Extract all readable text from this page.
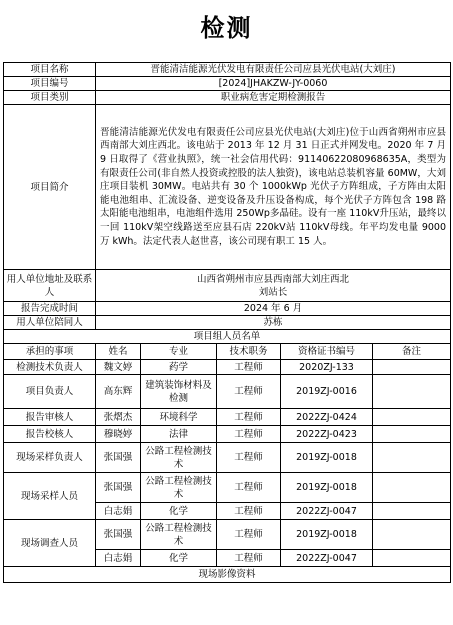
检测
项目名称	晋能清洁能源光伏发电有限责任公司应县光伏电站(大刘庄)				
项目编号	[2024]JHAKZW-JY-0060				
项目类别	职业病危害定期检测报告				
项目简介	晋能清洁能源光伏发电有限责任公司应县光伏电站(大刘庄)位于山西省朔州市应县西南部大刘庄西北。该电站于 2013 年 12 月 31 日正式并网发电。2020 年 7 月 9 日取得了《营业执照》，统一社会信用代码：91140622080968635A，类型为有限责任公司(非自然人投资或控股的法人独资)，该电站总装机容量 60MW，大刘庄项目装机 30MW。电站共有 30 个 1000kWp 光伏子方阵组成，子方阵由太阳能电池组串、汇流设备、逆变设备及升压设备构成，每个光伏子方阵包含 198 路太阳能电池组串，电池组件选用 250Wp多晶硅。设有一座 110kV升压站，最终以一回 110kV架空线路送至应县石店 220kV站 110kV母线。年平均发电量 9000 万 kWh。法定代表人赵世喜，该公司现有职工 15 人。				
用人单位地址及联系人	山西省朔州市应县西南部大刘庄西北
刘站长				

报告完成时间	2024 年 6 月				
用人单位陪同人	苏栋				
项目组人员名单					
承担的事项	姓名	专业	技术职务	资格证书编号	备注
检测技术负责人	魏文婷	药学	工程师	2020ZJ-133	
项目负责人	高东辉	建筑装饰材料及检测	工程师	2019ZJ-0016	
报告审核人	张熠杰	环境科学	工程师	2022ZJ-0424	
报告校核人	穆晓婷	法律	工程师	2022ZJ-0423	
现场采样负责人	张国强	公路工程检测技术	工程师	2019ZJ-0018	
现场采样人员	张国强	公路工程检测技术	工程师	2019ZJ-0018	
	白志娟	化学	工程师	2022ZJ-0047	
现场调查人员	张国强	公路工程检测技术	工程师	2019ZJ-0018	
	白志娟	化学	工程师	2022ZJ-0047	
现场影像资料					
